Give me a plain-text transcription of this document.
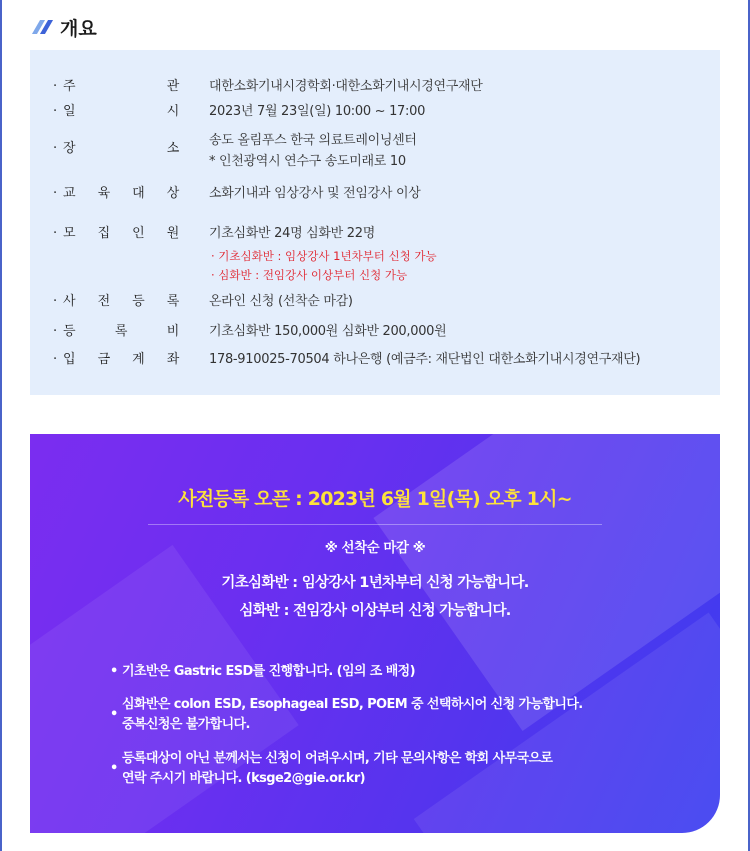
개요
· 주	관 대한소화기내시경학회·대한소화기내시경연구재단
· 일	시 2023년 7월 23일(일) 10:00 ~ 17:00
· 장	소
송도 올림푸스 한국 의료트레이닝센터
* 인천광역시 연수구 송도미래로 10
· 교 육 대 상 소화기내과 임상강사 및 전임강사 이상
· 모 집 인 원 기초심화반 24명 심화반 22명
· 기초심화반 : 임상강사 1년차부터 신청 가능
· 심화반 : 전임강사 이상부터 신청 가능
· 사 전 등 록 온라인 신청 (선착순 마감)
· 등	록	비 기초심화반 150,000원 심화반 200,000원
· 입 금 계 좌 178-910025-70504 하나은행 (예금주: 재단법인 대한소화기내시경연구재단)
사전등록 오픈 : 2023년 6월 1일(목) 오후 1시~
※ 선착순 마감 ※
기초심화반 : 임상강사 1년차부터 신청 가능합니다.
심화반 : 전임강사 이상부터 신청 가능합니다.
• 기초반은 Gastric ESD를 진행합니다. (임의 조 배정)
•
심화반은 colon ESD, Esophageal ESD, POEM 중 선택하시어 신청 가능합니다.
중복신청은 불가합니다.
•
등록대상이 아닌 분께서는 신청이 어려우시며, 기타 문의사항은 학회 사무국으로
연락 주시기 바랍니다. (ksge2@gie.or.kr)
